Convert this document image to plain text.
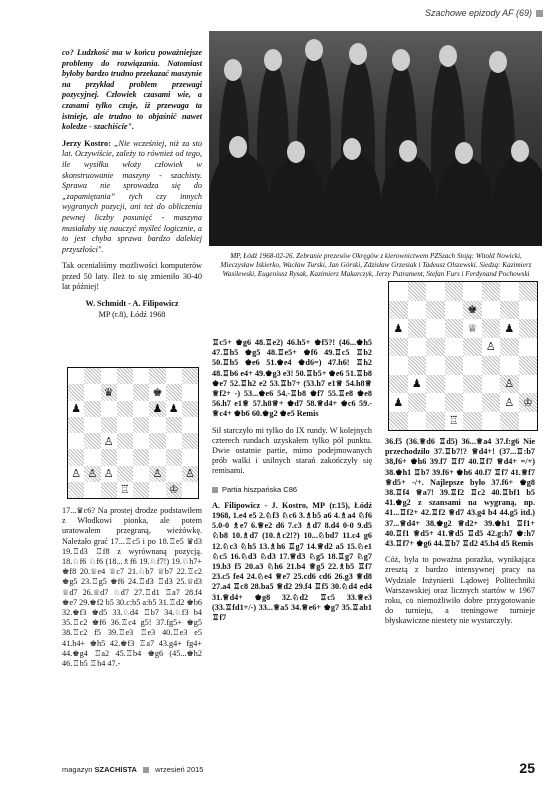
Szachowe epizody AF (69)

co? Ludzkość ma w końcu poważniejsze problemy do rozwiązania. Natomiast byłoby bardzo trudno przekazać maszynie na przykład problem przewagi pozycyjnej. Człowiek czasami wie, a czasami tylko czuje, iż przewaga ta istnieje, ale trudno to objaśnić nawet koledze - szachiście".

Jerzy Kostro: „Nie wcześniej, niż za sto lat. Oczywiście, zależy to również od tego, ile wysiłku włoży człowiek w skonstruowanie maszyny - szachisty. Sprawa nie sprowadza się do „zapamiętania” tych czy innych wygranych pozycji, ani też do obliczenia pewnej liczby posunięć - maszyna musiałaby się nauczyć myśleć logicznie, a to jest chyba sprawa bardzo dalekiej przyszłości".

Tak ocenialiśmy możliwości komputerów przed 50 laty. Ileż to się zmieniło 30-40 lat później!

W. Schmidt - A. Filipowicz
MP (r.8), Łódź 1968
MP, Łódź 1968-02-26. Zebranie prezesów Okręgów z kierownictwem PZSzach Stoją: Witold Nowicki, Mieczysław Iskierko, Wacław Turski, Jan Górski, Zdzisław Grzesiak i Tadeusz Olszewski. Siedzą: Kazimierz Wasilewski, Eugeniusz Rysak, Kazimierz Makarczyk, Jerzy Putrament, Stefan Furs i Ferdynand Pochowski
♛	♚
♟	♟ ♟
♙
♙ ♙ ♙	♙ ♙
♖	♔
♚
♟	♕	♟
♙
♟	♙
♟	♙ ♔
♖

17...♛c6? Na prostej drodze podstawiłem z Włodkowi pionka, ale potem uratowałem przegraną, wieżówkę. Należało grać 17...♖c5 i po 18.♖e5 ♛d3 19.♖d3 ♖f8 z wyrównaną pozycją. 18.♘f6 ♘f6 (18...♗f6 19.♘f7!) 19.♘h7+ ♚f8 20.♕e4 ♕c7 21.♘b7 ♕b7 22.♖c2 ♚g5 23.♖g5 ♚f6 24.♖d3 ♖d3 25.♕d3 ♕d7 26.♕d7 ♘d7 27.♖d1 ♖a7 28.f4 ♚e7 29.♚f2 b5 30.c:b5 a:b5 31.♖d2 ♚b6 32.♚f3 ♚d5 33.♘d4 ♖b7 34.♘f3 b4 35.♖c2 ♚f6 36.♖c4 g5! 37.fg5+ ♚g5 38.♖c2 f5 39.♖e3 ♖e3 40.♖e3 e5 41.h4+ ♚h5 42.♚f3 ♖a7 43.g4+ fg4+ 44.♚g4 ♖a2 45.♖b4 ♚g6 (45...♚h2 46.♖b5 ♖h4 47.-

♖c5+ ♚g6 48.♖e2) 46.h5+ ♚f5?! (46...♚h5 47.♖b5 ♚g5 48.♖e5+ ♚f6 49.♖c5 ♖b2 50.♖b5 ♚e6 51.♚e4 ♚d6=) 47.h6! ♖h2 48.♖b6 e4+ 49.♚g3 e3! 50.♖b5+ ♚e6 51.♖b8 ♚e7 52.♖h2 e2 53.♖b7+ (53.h7 e1♕ 54.h8♕ ♕f2+ -) 53...♚e6 54.-♖b8 ♚f7 55.♖e8 ♚e8 56.h7 e1♕ 57.h8♕+ ♚d7 58.♕d4+ ♚c6 59.-♕c4+ ♚b6 60.♚g2 ♚e5 Remis

Sił starczyło mi tylko do IX rundy. W kolejnych czterech rundach uzyskałem tylko pół punktu. Dwie ostatnie partie, mimo podejmowanych prób walki i usilnych starań zakończyły się remisami.

Partia hiszpańska C86

A. Filipowicz - J. Kostro, MP (r.15), Łódź 1968, 1.e4 e5 2.♘f3 ♘c6 3.♗b5 a6 4.♗a4 ♘f6 5.0-0 ♗e7 6.♕e2 d6 7.c3 ♗d7 8.d4 0-0 9.d5 ♘b8 10.♗d7 (10.♗c2!?) 10...♘bd7 11.c4 g6 12.♘c3 ♘h5 13.♗h6 ♖g7 14.♕d2 a5 15.♘e1 ♘c5 16.♘d3 ♘d3 17.♕d3 ♘g5 18.♖g7 ♘g7 19.b3 f5 20.a3 ♘h6 21.b4 ♕g5 22.♗b5 ♖f7 23.c5 fe4 24.♘e4 ♕e7 25.cd6 cd6 26.g3 ♕d8 27.a4 ♖c8 28.ba5 ♕d2 29.f4 ♖f5 30.♘d4 ed4 31.♕d4+ ♚g8 32.♘d2 ♖c5 33.♕e3 (33.♖fd1+/-) 33...♕a5 34.♕e6+ ♚g7 35.♖ab1 ♖f7

36.f5 (36.♕d6 ♖d5) 36...♕a4 37.f:g6 Nie przechodziło 37.♖b7!? ♕d4+! (37...♖:b7 38,f6+ ♚h6 39.f7 ♖f7 40.♖f7 ♕d4+ =/+) 38.♚h1 ♖b7 39.f6+ ♚h6 40.f7 ♖f7 41.♕f7 ♕d5+ -/+. Najlepsze było 37.f6+ ♚g8 38.♖f4 ♕a7! 39.♖f2 ♖c2 40.♖bf1 b5 41.♚g2 z szansami na wygraną, np. 41...♖f2+ 42.♖f2 ♕d7 43.g4 b4 44.g5 itd.) 37...♕d4+ 38.♚g2 ♕d2+ 39.♚h1 ♖f1+ 40.♖f1 ♕d5+ 41.♕d5 ♖d5 42.g:h7 ♚:h7 43.♖f7+ ♚g6 44.♖b7 ♖d2 45.h4 d5 Remis

Cóż, była to poważna porażka, wynikająca zresztą z bardzo intensywnej pracy na Wydziale Inżynierii Lądowej Politechniki Warszawskiej oraz licznych startów w 1967 roku, co niemożliwiło dobre przygotowanie do turnieju, a treningowe turnieje błyskawiczne niestety nie wystarczyły.

magazyn SZACHISTA wrzesień 2015	25
